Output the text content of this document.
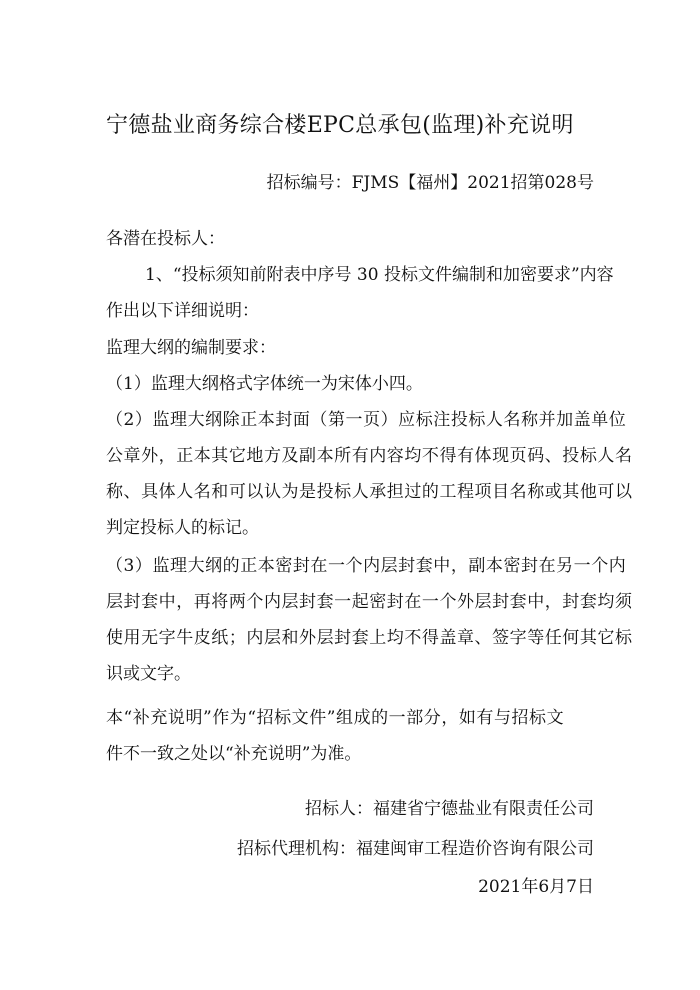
宁德盐业商务综合楼EPC总承包(监理)补充说明
招标编号：FJMS【福州】2021招第028号
各潜在投标人：
1、“投标须知前附表中序号 30 投标文件编制和加密要求”内容
作出以下详细说明：
监理大纲的编制要求：
（1）监理大纲格式字体统一为宋体小四。
（2）监理大纲除正本封面（第一页）应标注投标人名称并加盖单位
公章外，正本其它地方及副本所有内容均不得有体现页码、投标人名
称、具体人名和可以认为是投标人承担过的工程项目名称或其他可以
判定投标人的标记。
（3）监理大纲的正本密封在一个内层封套中，副本密封在另一个内
层封套中，再将两个内层封套一起密封在一个外层封套中，封套均须
使用无字牛皮纸；内层和外层封套上均不得盖章、签字等任何其它标
识或文字。
本“补充说明”作为“招标文件”组成的一部分，如有与招标文
件不一致之处以“补充说明”为准。
招标人：福建省宁德盐业有限责任公司
招标代理机构：福建闽审工程造价咨询有限公司
2021年6月7日
